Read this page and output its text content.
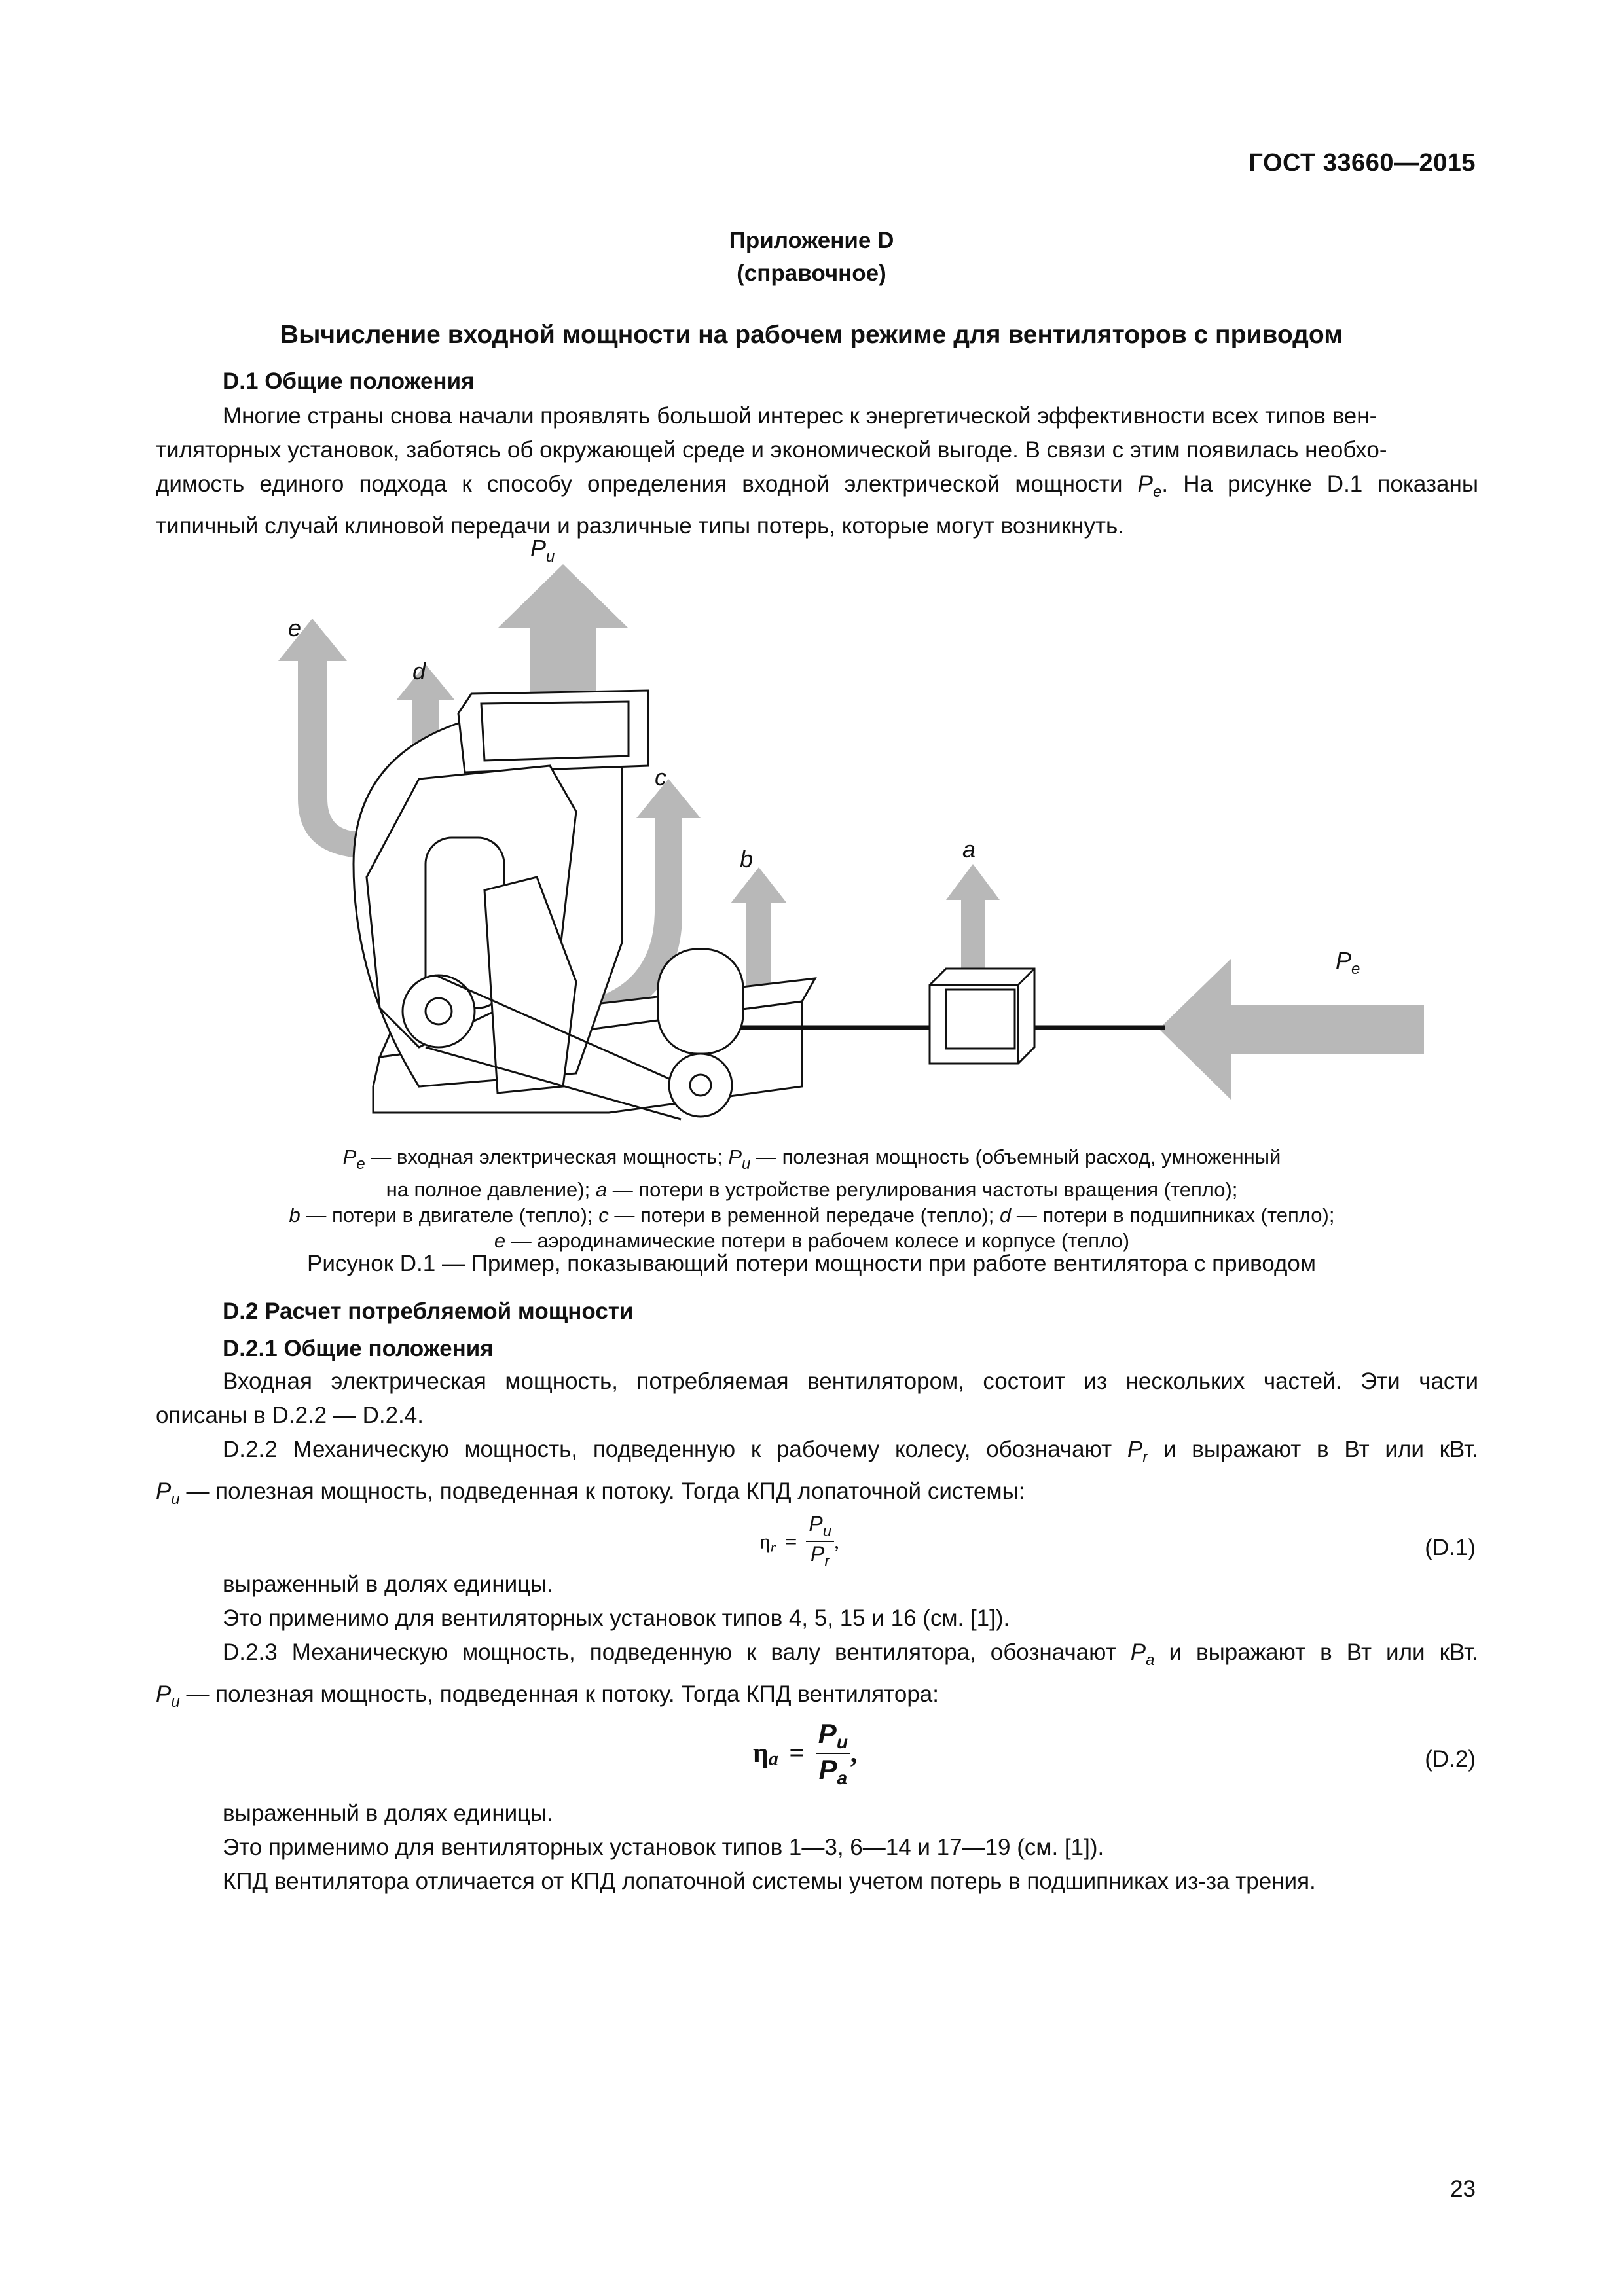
ГОСТ 33660—2015
Приложение D
(справочное)
Вычисление входной мощности на рабочем режиме для вентиляторов с приводом
D.1 Общие положения
Многие страны снова начали проявлять большой интерес к энергетической эффективности всех типов вен-
тиляторных установок, заботясь об окружающей среде и экономической выгоде. В связи с этим появилась необхо-
димость единого подхода к способу определения входной электрической мощности $P_e$. На рисунке D.1 показаны
типичный случай клиновой передачи и различные типы потерь, которые могут возникнуть.
$P_u$
e
d
c
b	a
$P_e$
$P_e$ — входная электрическая мощность; $P_u$ — полезная мощность (объемный расход, умноженный
на полное давление); a — потери в устройстве регулирования частоты вращения (тепло);
b — потери в двигателе (тепло); c — потери в ременной передаче (тепло); d — потери в подшипниках (тепло);
e — аэродинамические потери в рабочем колесе и корпусе (тепло)
Рисунок D.1 — Пример, показывающий потери мощности при работе вентилятора с приводом
D.2 Расчет потребляемой мощности
D.2.1 Общие положения
Входная электрическая мощность, потребляемая вентилятором, состоит из нескольких частей. Эти части
описаны в D.2.2 — D.2.4.
D.2.2 Механическую мощность, подведенную к рабочему колесу, обозначают $P_r$ и выражают в Вт или кВт.
$P_u$ — полезная мощность, подведенная к потоку. Тогда КПД лопаточной системы:
$\eta_r = \frac{P_u}{P_r}$ ,	(D.1)
выраженный в долях единицы.
Это применимо для вентиляторных установок типов 4, 5, 15 и 16 (см. [1]).
D.2.3 Механическую мощность, подведенную к валу вентилятора, обозначают $P_a$ и выражают в Вт или кВт.
$P_u$ — полезная мощность, подведенная к потоку. Тогда КПД вентилятора:
$\eta_a = \frac{P_u}{P_a}$ ,	(D.2)
выраженный в долях единицы.
Это применимо для вентиляторных установок типов 1—3, 6—14 и 17—19 (см. [1]).
КПД вентилятора отличается от КПД лопаточной системы учетом потерь в подшипниках из-за трения.
23
